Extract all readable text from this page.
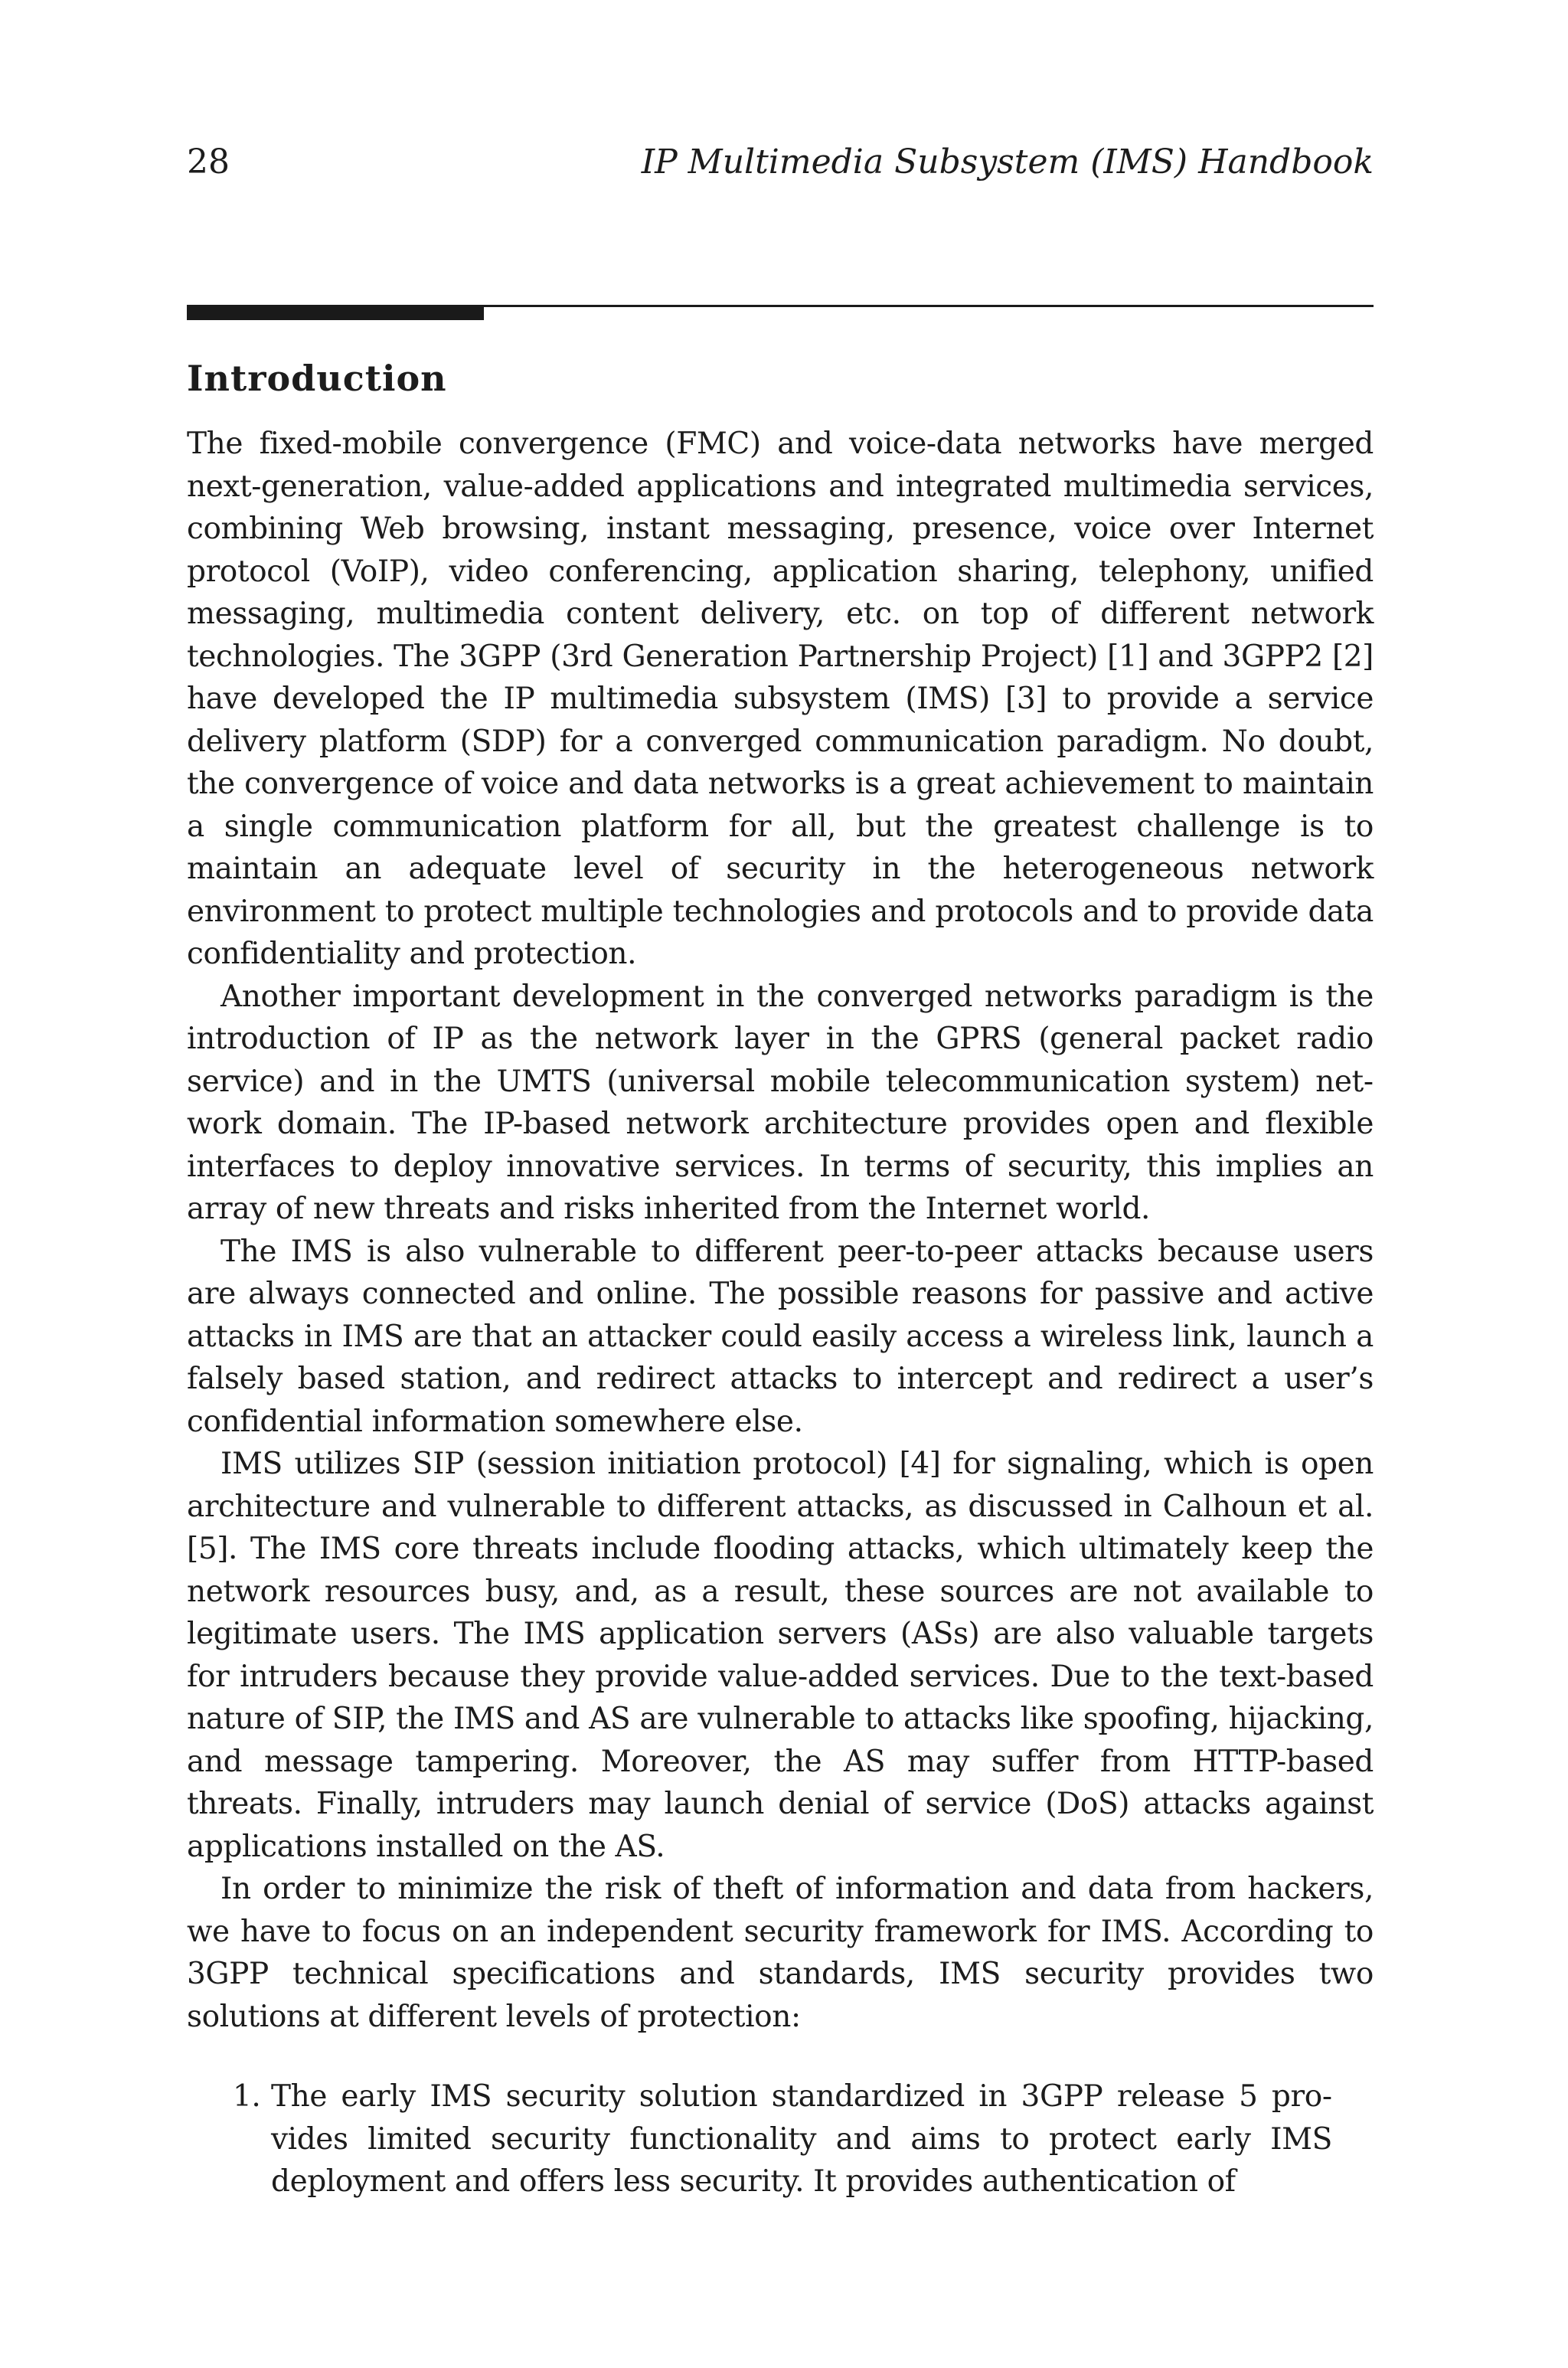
28	IP Multimedia Subsystem (IMS) Handbook
Introduction

The fixed-mobile convergence (FMC) and voice-data networks have merged next-generation, value-added applications and integrated multimedia services, combining Web browsing, instant messaging, presence, voice over Internet protocol (VoIP), video conferencing, application sharing, telephony, unified messaging, multimedia content delivery, etc. on top of different network technologies. The 3GPP (3rd Generation Partnership Project) [1] and 3GPP2 [2] have developed the IP multimedia subsystem (IMS) [3] to provide a service delivery platform (SDP) for a converged communication paradigm. No doubt, the convergence of voice and data networks is a great achievement to maintain a single communication platform for all, but the greatest challenge is to maintain an adequate level of security in the heterogeneous network environment to protect multiple technologies and protocols and to provide data confidentiality and protection.

Another important development in the converged networks paradigm is the introduction of IP as the network layer in the GPRS (general packet radio service) and in the UMTS (universal mobile telecommunication system) network domain. The IP-based network architecture provides open and flexible interfaces to deploy innovative services. In terms of security, this implies an array of new threats and risks inherited from the Internet world.

The IMS is also vulnerable to different peer-to-peer attacks because users are always connected and online. The possible reasons for passive and active attacks in IMS are that an attacker could easily access a wireless link, launch a falsely based station, and redirect attacks to intercept and redirect a user’s confidential information somewhere else.

IMS utilizes SIP (session initiation protocol) [4] for signaling, which is open architecture and vulnerable to different attacks, as discussed in Calhoun et al. [5]. The IMS core threats include flooding attacks, which ultimately keep the network resources busy, and, as a result, these sources are not available to legitimate users. The IMS application servers (ASs) are also valuable targets for intruders because they provide value-added services. Due to the text-based nature of SIP, the IMS and AS are vulnerable to attacks like spoofing, hijacking, and message tampering. Moreover, the AS may suffer from HTTP-based threats. Finally, intruders may launch denial of service (DoS) attacks against applications installed on the AS.

In order to minimize the risk of theft of information and data from hackers, we have to focus on an independent security framework for IMS. According to 3GPP technical specifications and standards, IMS security provides two solutions at different levels of protection:

1. The early IMS security solution standardized in 3GPP release 5 provides limited security functionality and aims to protect early IMS deployment and offers less security. It provides authentication of
